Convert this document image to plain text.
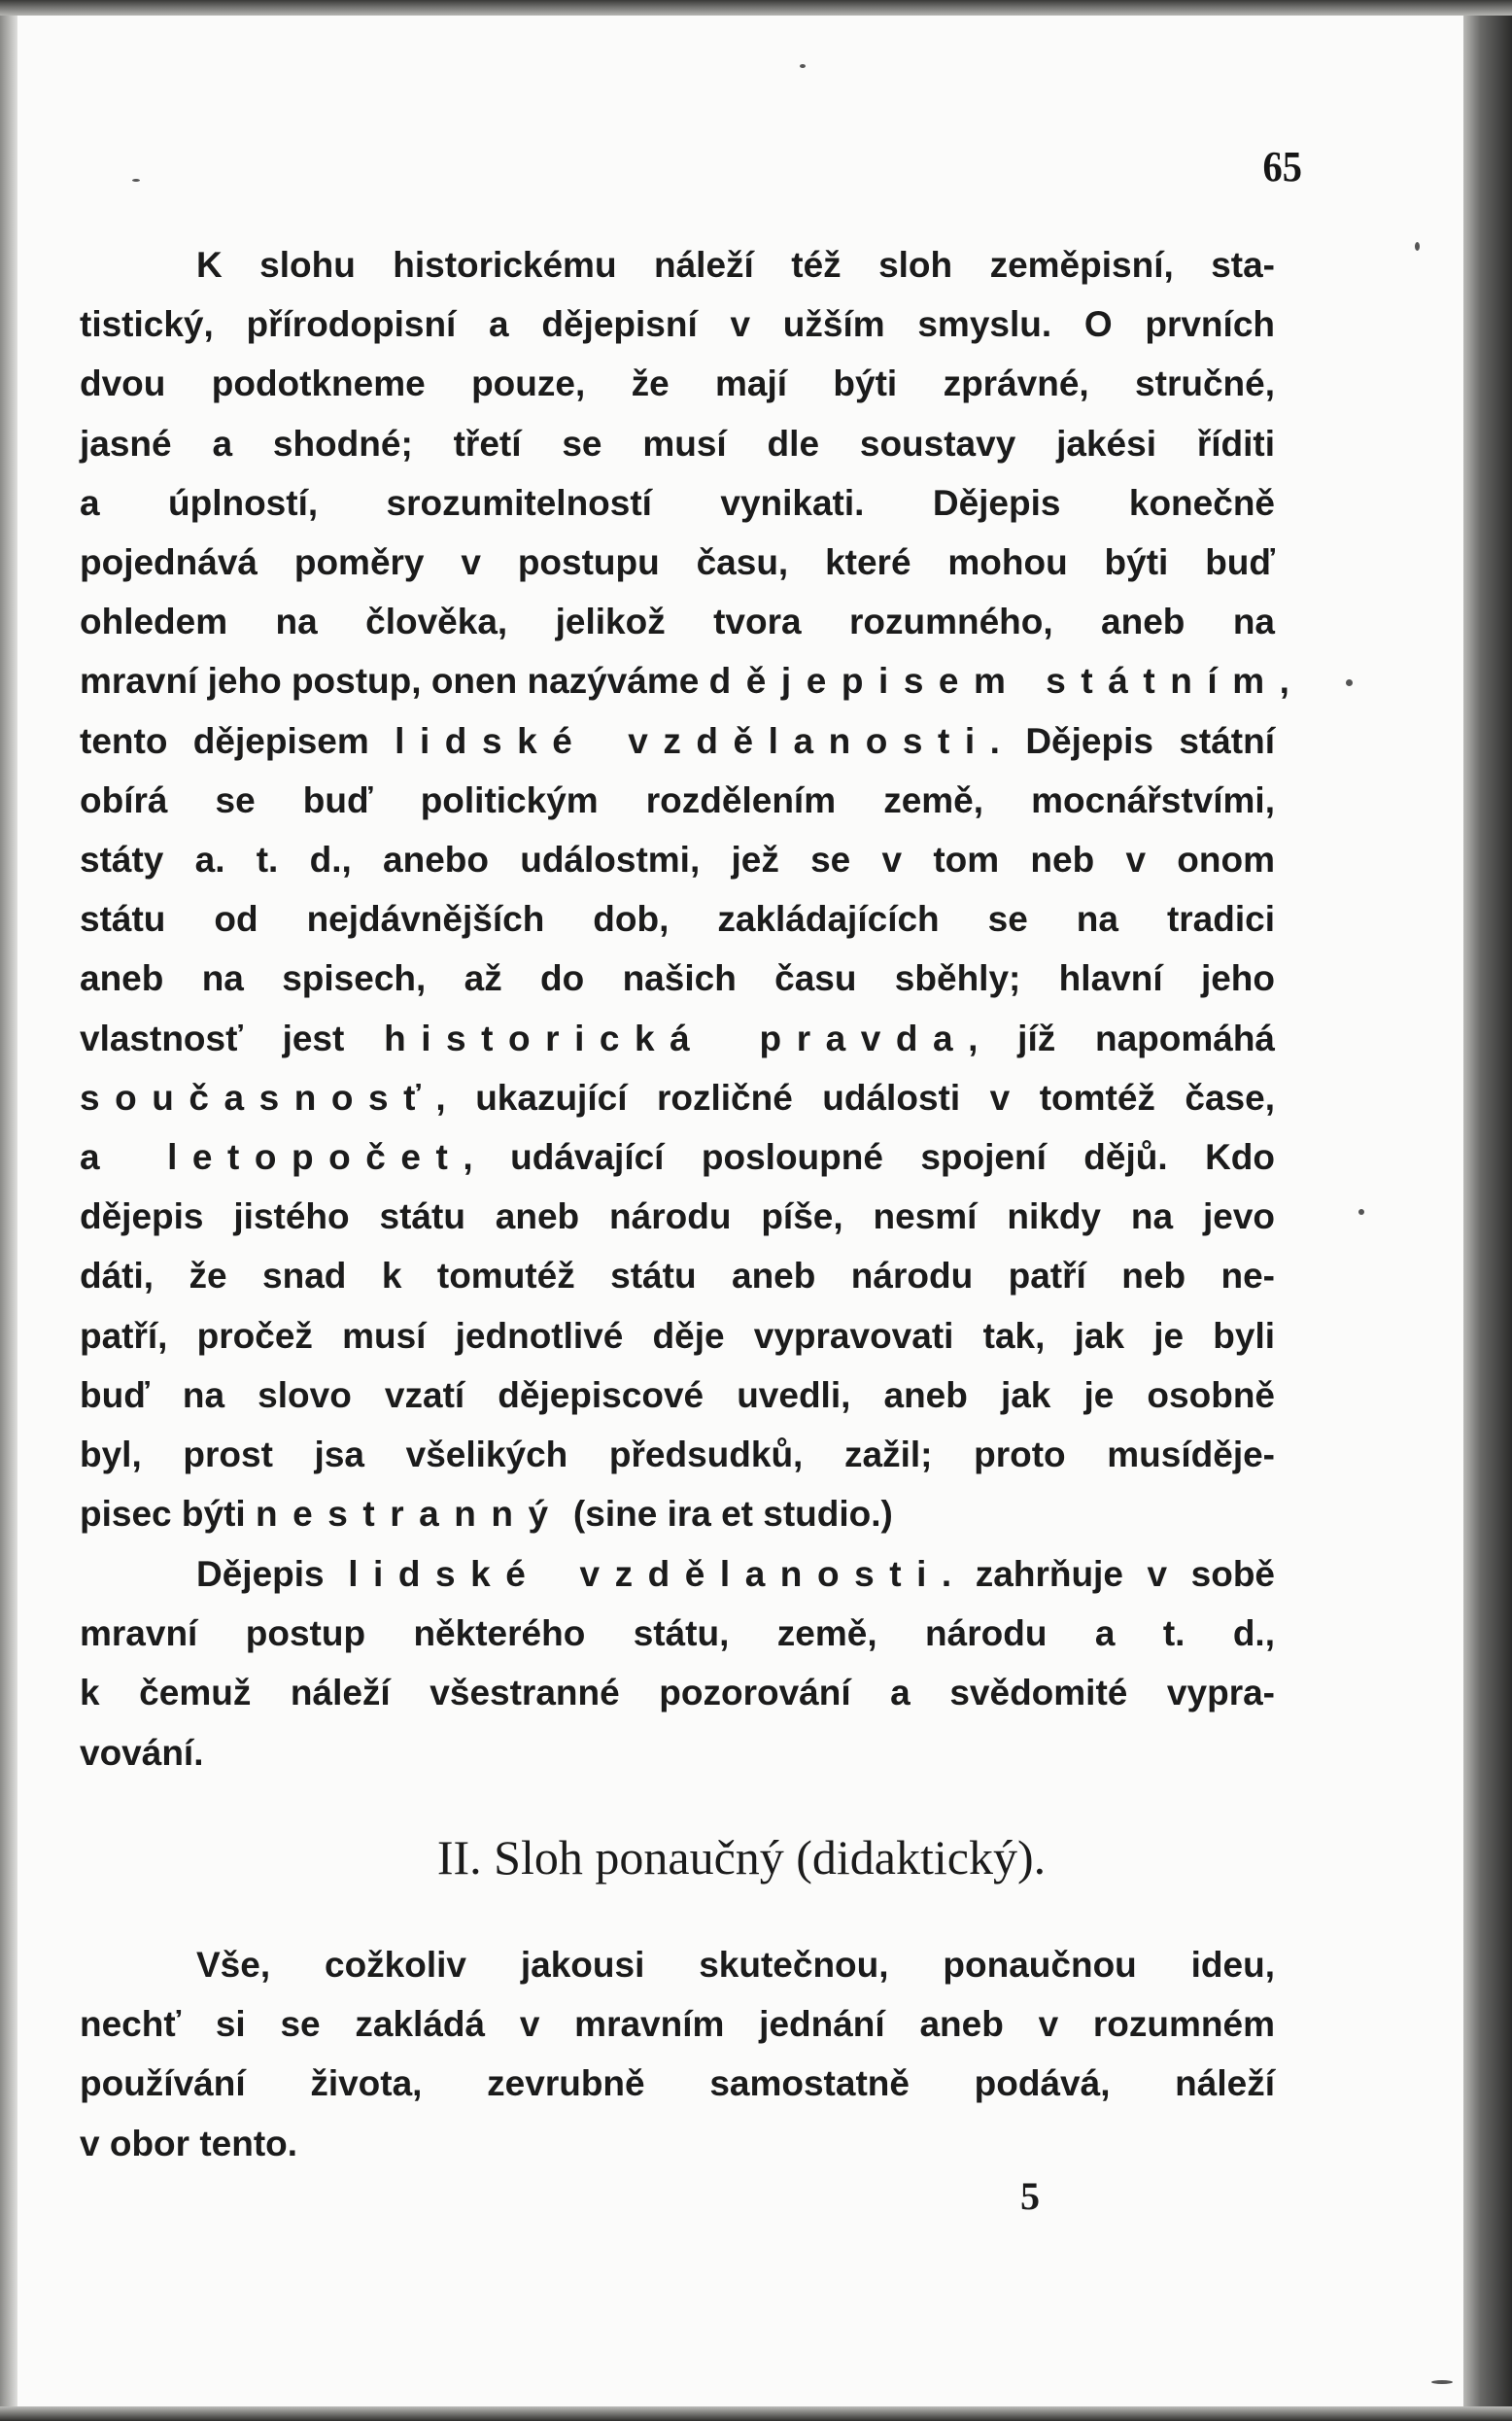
65
K slohu historickému náleží též sloh zeměpisní, sta-
tistický, přírodopisní a dějepisní v užším smyslu. O prvních
dvou podotkneme pouze, že mají býti zprávné, stručné,
jasné a shodné; třetí se musí dle soustavy jakési říditi
a úplností, srozumitelností vynikati. Dějepis konečně
pojednává poměry v postupu času, které mohou býti buď
ohledem na člověka, jelikož tvora rozumného, aneb na
mravní jeho postup, onen nazýváme dějepisem státním,
tento dějepisem lidské vzdělanosti. Dějepis státní
obírá se buď politickým rozdělením země, mocnářstvími,
státy a. t. d., anebo událostmi, jež se v tom neb v onom
státu od nejdávnějších dob, zakládajících se na tradici
aneb na spisech, až do našich času sběhly; hlavní jeho
vlastnosť jest historická pravda, jíž napomáhá
současnosť, ukazující rozličné události v tomtéž čase,
a letopočet, udávající posloupné spojení dějů. Kdo
dějepis jistého státu aneb národu píše, nesmí nikdy na jevo
dáti, že snad k tomutéž státu aneb národu patří neb ne-
patří, pročež musí jednotlivé děje vypravovati tak, jak je byli
buď na slovo vzatí dějepiscové uvedli, aneb jak je osobně
byl, prost jsa všelikých předsudků, zažil; proto musíděje-
pisec býti nestranný (sine ira et studio.)
Dějepis lidské vzdělanosti. zahrňuje v sobě
mravní postup některého státu, země, národu a t. d.,
k čemuž náleží všestranné pozorování a svědomité vypra-
vování.
II. Sloh ponaučný (didaktický).
Vše, cožkoliv jakousi skutečnou, ponaučnou ideu,
nechť si se zakládá v mravním jednání aneb v rozumném
používání života, zevrubně samostatně podává, náleží
v obor tento.
5
